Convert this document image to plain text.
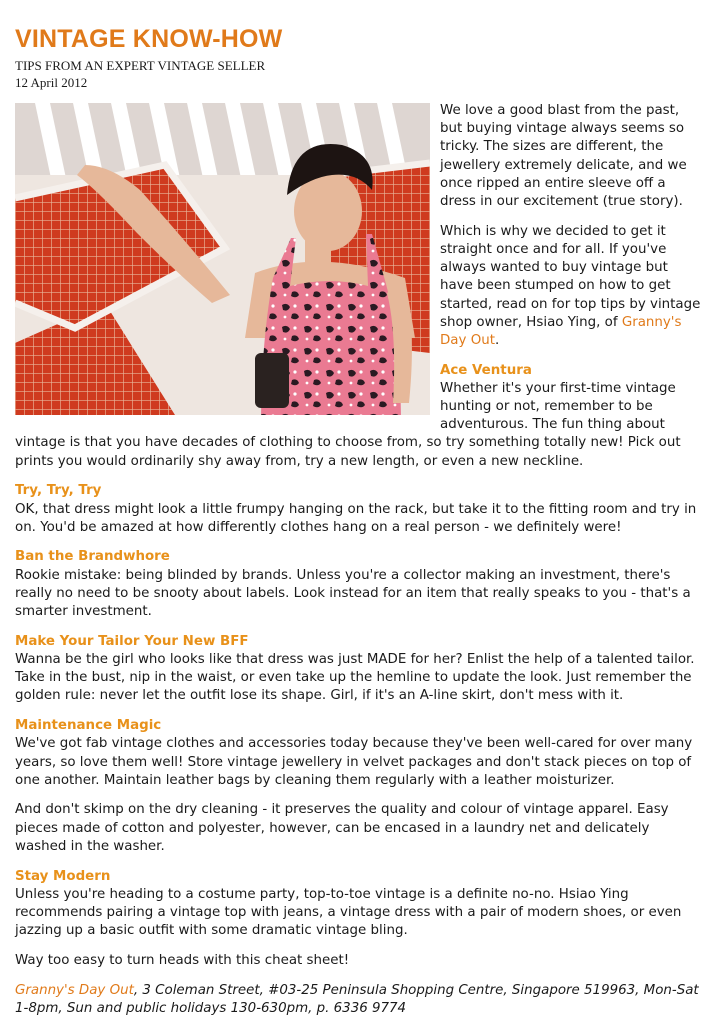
VINTAGE KNOW-HOW
TIPS FROM AN EXPERT VINTAGE SELLER
12 April 2012

We love a good blast from the past, but buying vintage always seems so tricky. The sizes are different, the jewellery extremely delicate, and we once ripped an entire sleeve off a dress in our excitement (true story).

Which is why we decided to get it straight once and for all. If you've always wanted to buy vintage but have been stumped on how to get started, read on for top tips by vintage shop owner, Hsiao Ying, of Granny's Day Out.

Ace Ventura
Whether it's your first-time vintage hunting or not, remember to be adventurous. The fun thing about vintage is that you have decades of clothing to choose from, so try something totally new! Pick out prints you would ordinarily shy away from, try a new length, or even a new neckline.
Try, Try, Try
OK, that dress might look a little frumpy hanging on the rack, but take it to the fitting room and try in on. You'd be amazed at how differently clothes hang on a real person - we definitely were!
Ban the Brandwhore
Rookie mistake: being blinded by brands. Unless you're a collector making an investment, there's really no need to be snooty about labels. Look instead for an item that really speaks to you - that's a smarter investment.
Make Your Tailor Your New BFF
Wanna be the girl who looks like that dress was just MADE for her? Enlist the help of a talented tailor. Take in the bust, nip in the waist, or even take up the hemline to update the look. Just remember the golden rule: never let the outfit lose its shape. Girl, if it's an A-line skirt, don't mess with it.
Maintenance Magic
We've got fab vintage clothes and accessories today because they've been well-cared for over many years, so love them well! Store vintage jewellery in velvet packages and don't stack pieces on top of one another. Maintain leather bags by cleaning them regularly with a leather moisturizer.

And don't skimp on the dry cleaning - it preserves the quality and colour of vintage apparel. Easy pieces made of cotton and polyester, however, can be encased in a laundry net and delicately washed in the washer.

Stay Modern
Unless you're heading to a costume party, top-to-toe vintage is a definite no-no. Hsiao Ying recommends pairing a vintage top with jeans, a vintage dress with a pair of modern shoes, or even jazzing up a basic outfit with some dramatic vintage bling.

Way too easy to turn heads with this cheat sheet!

Granny's Day Out, 3 Coleman Street, #03-25 Peninsula Shopping Centre, Singapore 519963, Mon-Sat 1-8pm, Sun and public holidays 130-630pm, p. 6336 9774
